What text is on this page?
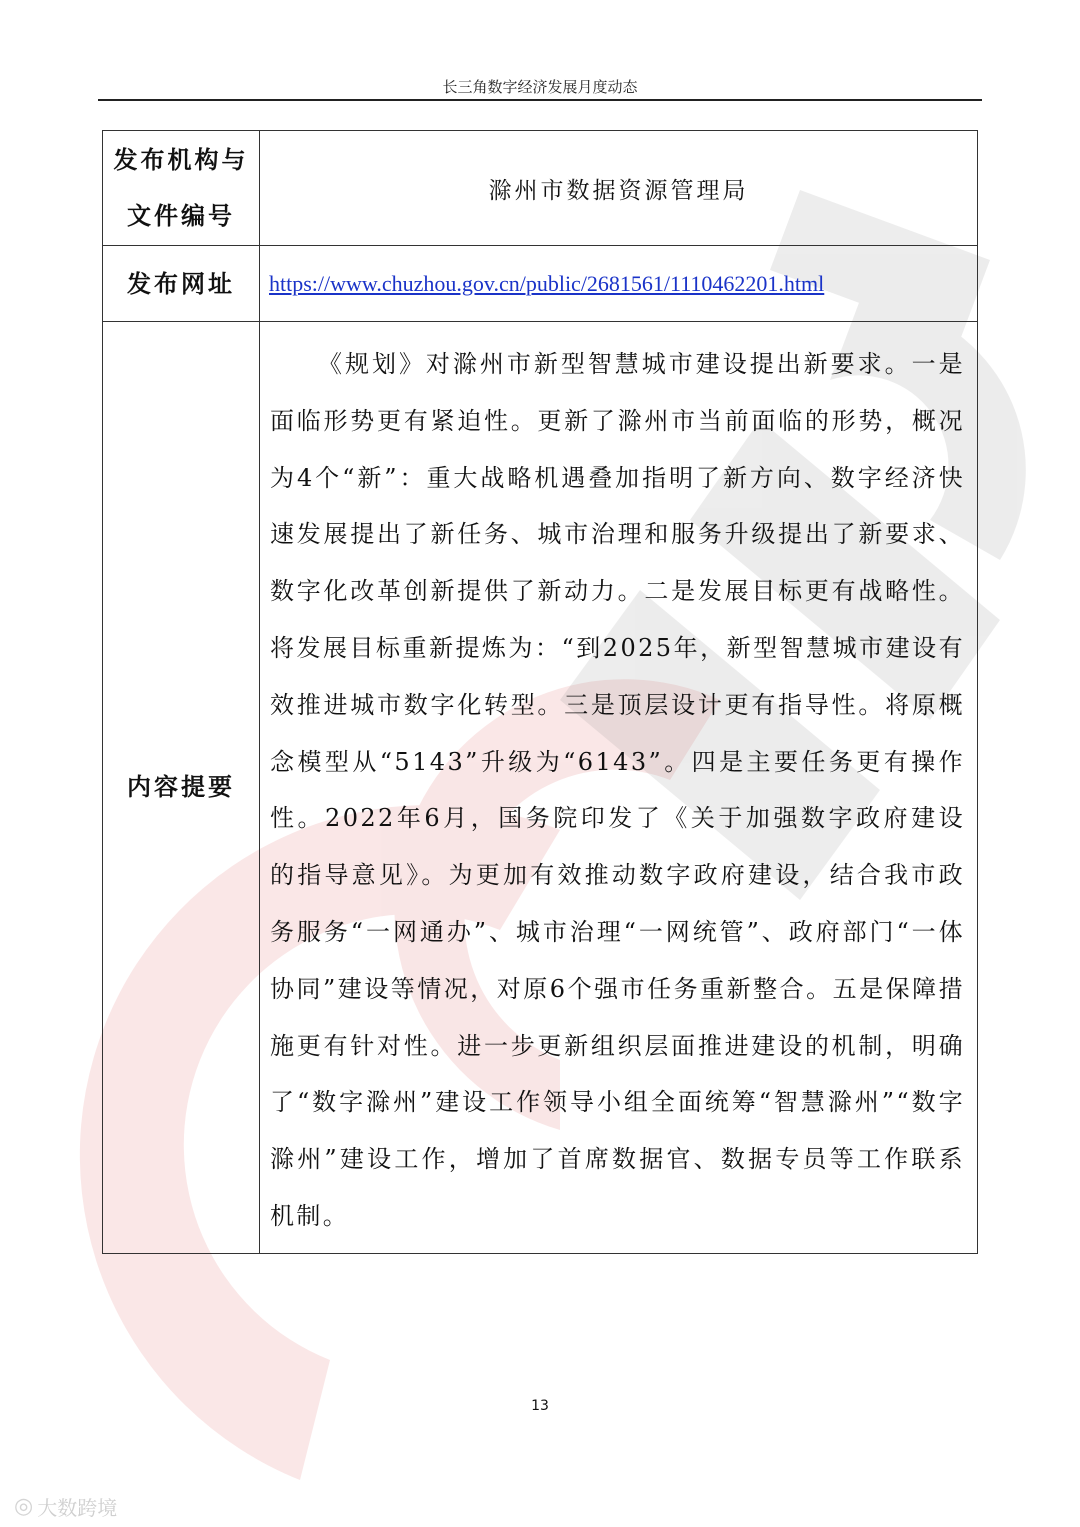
长三角数字经济发展月度动态
发布机构与
文件编号	滁州市数据资源管理局
发布网址	https://www.chuzhou.gov.cn/public/2681561/1110462201.html
内容提要	《规划》对滁州市新型智慧城市建设提出新要求。一是面临形势更有紧迫性。更新了滁州市当前面临的形势，概况为4个“新”：重大战略机遇叠加指明了新方向、数字经济快速发展提出了新任务、城市治理和服务升级提出了新要求、数字化改革创新提供了新动力。二是发展目标更有战略性。将发展目标重新提炼为：“到2025年，新型智慧城市建设有效推进城市数字化转型。三是顶层设计更有指导性。将原概念模型从“5143”升级为“6143”。四是主要任务更有操作性。2022年6月，国务院印发了《关于加强数字政府建设的指导意见》。为更加有效推动数字政府建设，结合我市政务服务“一网通办”、城市治理“一网统管”、政府部门“一体协同”建设等情况，对原6个强市任务重新整合。五是保障措施更有针对性。进一步更新组织层面推进建设的机制，明确了“数字滁州”建设工作领导小组全面统筹“智慧滁州”“数字滁州”建设工作，增加了首席数据官、数据专员等工作联系机制。

13
◎ 大数跨境
